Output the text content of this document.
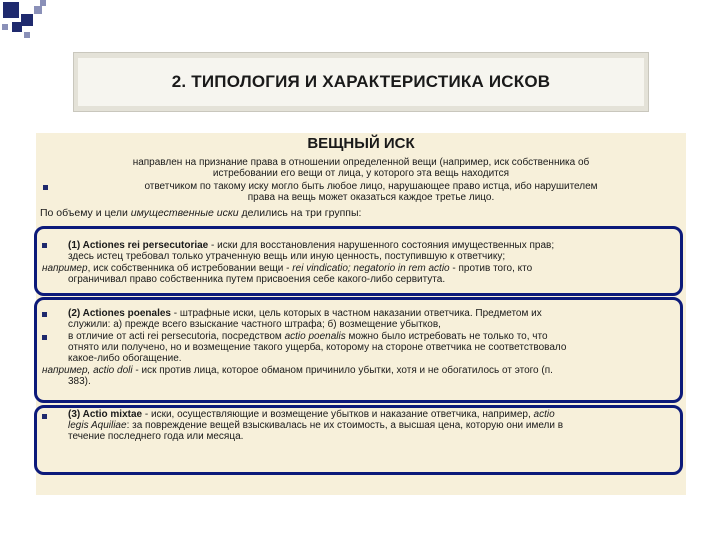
2. ТИПОЛОГИЯ И ХАРАКТЕРИСТИКА ИСКОВ
ВЕЩНЫЙ ИСК
направлен на признание права в отношении определенной вещи (например, иск собственника об
истребовании его вещи от лица, у которого эта вещь находится
ответчиком по такому иску могло быть любое лицо, нарушающее право истца, ибо нарушителем
права на вещь может оказаться каждое третье лицо.
По объему и цели имущественные иски делились на три группы:
(1) Actiones rei persecutoriae - иски для восстановления нарушенного состояния имущественных прав;
здесь истец требовал только утраченную вещь или иную ценность, поступившую к ответчику;
например, иск собственника об истребовании вещи - rei vindicatio; negatorio in rem actio - против того, кто
ограничивал право собственника путем присвоения себе какого-либо сервитута.
(2) Actiones poenales - штрафные иски, цель которых в частном наказании ответчика. Предметом их
служили: а) прежде всего взыскание частного штрафа; б) возмещение убытков,
в отличие от acti rei persecutoria, посредством actio poenalis можно было истребовать не только то, что
отнято или получено, но и возмещение такого ущерба, которому на стороне ответчика не соответствовало
какое-либо обогащение.
например, actio doli - иск против лица, которое обманом причинило убытки, хотя и не обогатилось от этого (п.
383).
(3) Actio mixtae - иски, осуществляющие и возмещение убытков и наказание ответчика, например, actio
legis Aquiliae: за повреждение вещей взыскивалась не их стоимость, а высшая цена, которую они имели в
течение последнего года или месяца.
